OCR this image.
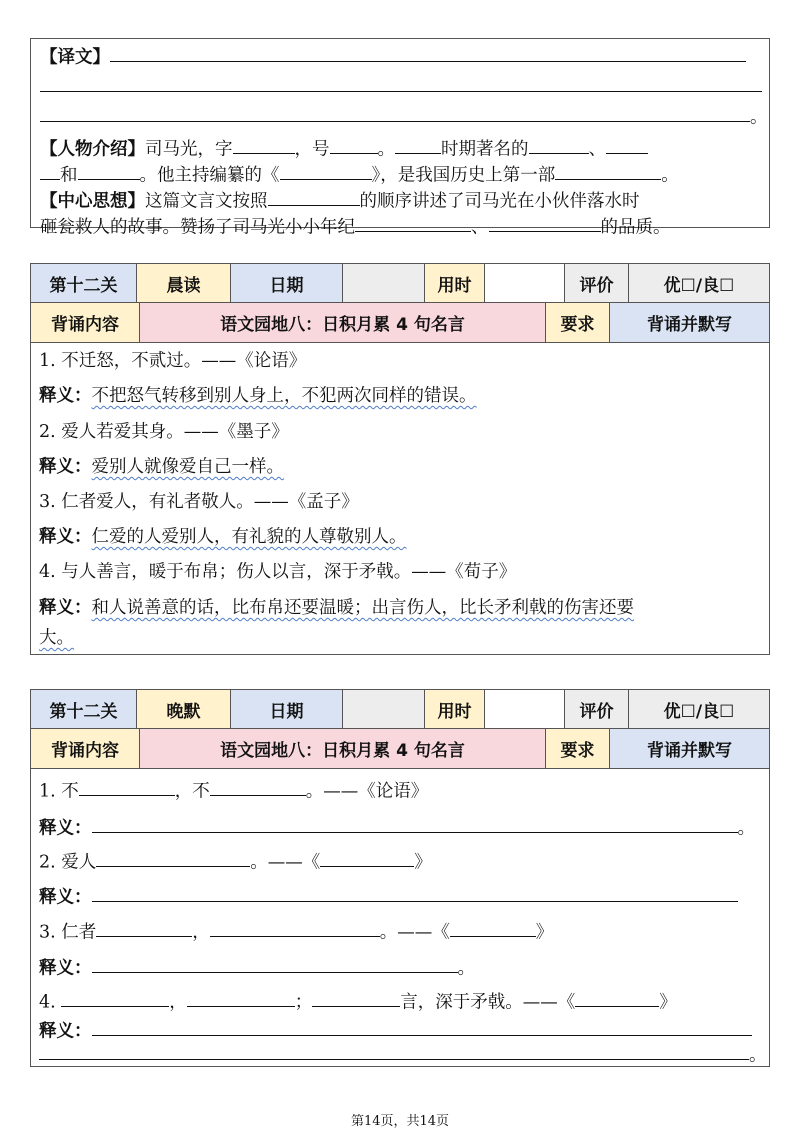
【译文】
。
【人物介绍】司马光，字	，号	。	时期著名的	、
和	。他主持编纂的《	》，是我国历史上第一部	。
【中心思想】这篇文言文按照	的顺序讲述了司马光在小伙伴落水时
砸瓮救人的故事。赞扬了司马光小小年纪	、	的品质。
第十二关	晨读	日期	用时	评价	优☐/良☐
背诵内容	语文园地八：日积月累 4 句名言	要求	背诵并默写
1. 不迁怒，不贰过。——《论语》
释义：不把怒气转移到别人身上，不犯两次同样的错误。
2. 爱人若爱其身。——《墨子》
释义：爱别人就像爱自己一样。
3. 仁者爱人，有礼者敬人。——《孟子》
释义：仁爱的人爱别人，有礼貌的人尊敬别人。
4. 与人善言，暖于布帛；伤人以言，深于矛戟。——《荀子》
释义：和人说善意的话，比布帛还要温暖；出言伤人，比长矛利戟的伤害还要
大。
第十二关	晚默	日期	用时	评价	优☐/良☐
背诵内容	语文园地八：日积月累 4 句名言	要求	背诵并默写
1. 不	，不	。——《论语》
释义：	。
2. 爱人	。——《	》
释义：
3. 仁者	，	。——《	》
释义：	。
4.	，	；	言，深于矛戟。——《	》
释义：
。
第14页，共14页
